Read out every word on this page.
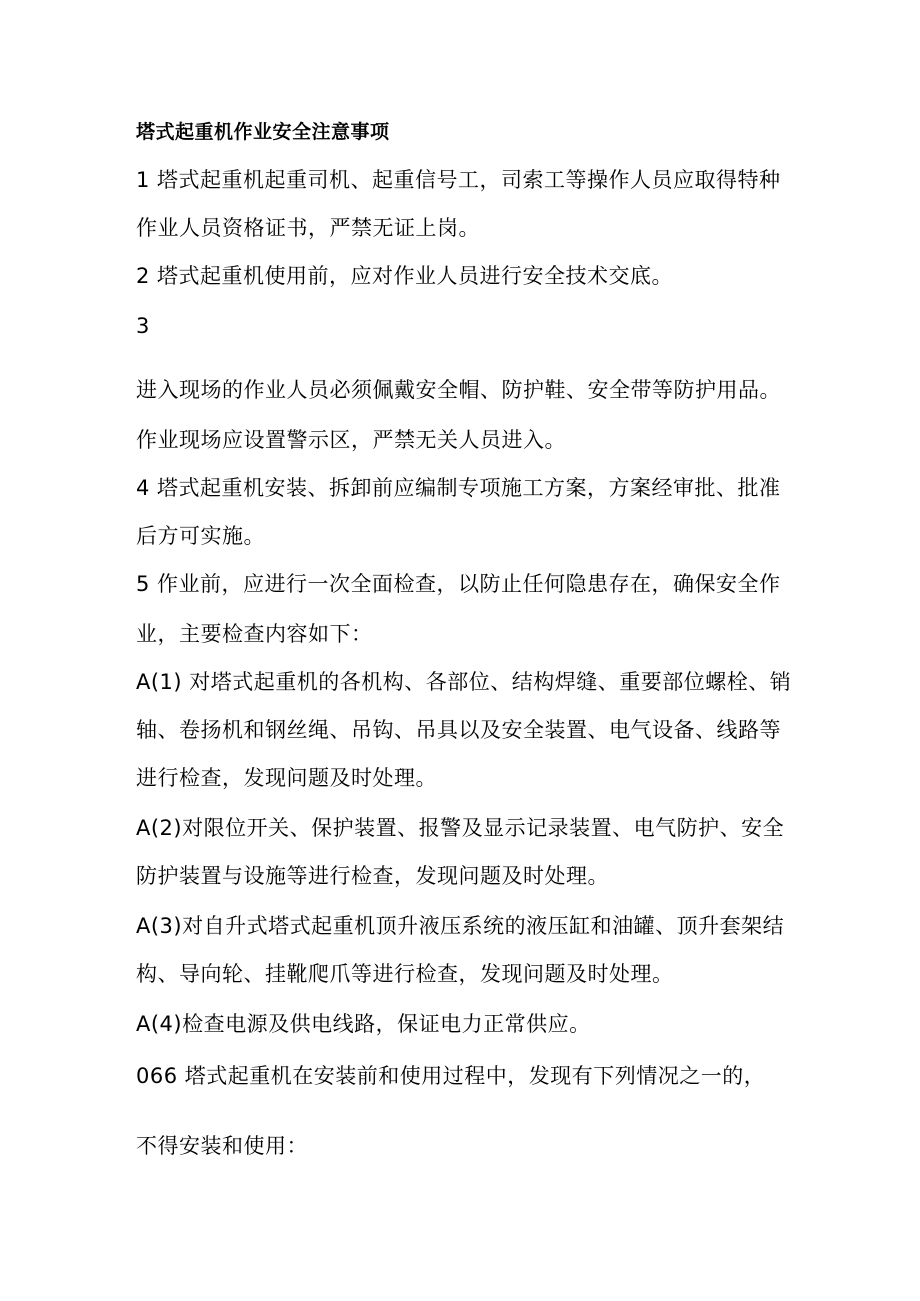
塔式起重机作业安全注意事项
1 塔式起重机起重司机、起重信号工，司索工等操作人员应取得特种
作业人员资格证书，严禁无证上岗。
2 塔式起重机使用前，应对作业人员进行安全技术交底。
3
进入现场的作业人员必须佩戴安全帽、防护鞋、安全带等防护用品。
作业现场应设置警示区，严禁无关人员进入。
4 塔式起重机安装、拆卸前应编制专项施工方案，方案经审批、批准
后方可实施。
5 作业前，应进行一次全面检查，以防止任何隐患存在，确保安全作
业，主要检查内容如下：
A(1) 对塔式起重机的各机构、各部位、结构焊缝、重要部位螺栓、销
轴、卷扬机和钢丝绳、吊钩、吊具以及安全装置、电气设备、线路等
进行检查，发现问题及时处理。
A(2)对限位开关、保护装置、报警及显示记录装置、电气防护、安全
防护装置与设施等进行检查，发现问题及时处理。
A(3)对自升式塔式起重机顶升液压系统的液压缸和油罐、顶升套架结
构、导向轮、挂靴爬爪等进行检查，发现问题及时处理。
A(4)检查电源及供电线路，保证电力正常供应。
066 塔式起重机在安装前和使用过程中，发现有下列情况之一的，
不得安装和使用：
